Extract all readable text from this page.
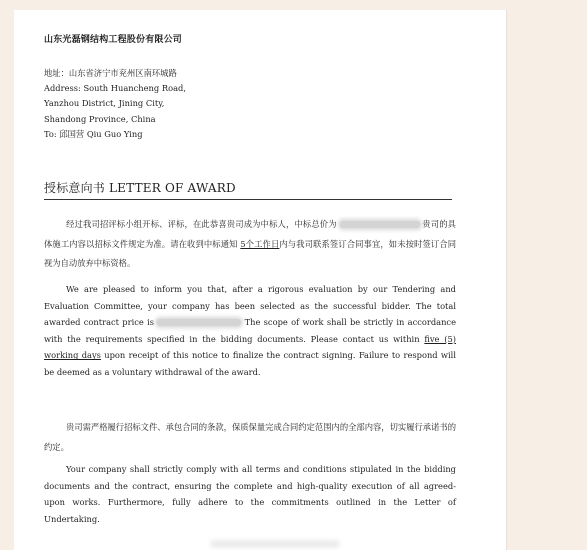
山东光磊钢结构工程股份有限公司
地址：山东省济宁市兖州区南环城路
Address: South Huancheng Road,
Yanzhou District, Jining City,
Shandong Province, China
To: 邱国营 Qiu Guo Ying
授标意向书 LETTER OF AWARD
经过我司招评标小组开标、评标，在此恭喜贵司成为中标人，中标总价为	贵司的具体施工内容以招标文件规定为准。请在收到中标通知 5个工作日内与我司联系签订合同事宜，如未按时签订合同视为自动放弃中标资格。
We are pleased to inform you that, after a rigorous evaluation by our Tendering and Evaluation Committee, your company has been selected as the successful bidder. The total awarded contract price is	The scope of work shall be strictly in accordance with the requirements specified in the bidding documents. Please contact us within five (5) working days upon receipt of this notice to finalize the contract signing. Failure to respond will be deemed as a voluntary withdrawal of the award.
贵司需严格履行招标文件、承包合同的条款，保质保量完成合同约定范围内的全部内容，切实履行承诺书的约定。
Your company shall strictly comply with all terms and conditions stipulated in the bidding documents and the contract, ensuring the complete and high-quality execution of all agreed-upon works. Furthermore, fully adhere to the commitments outlined in the Letter of Undertaking.
